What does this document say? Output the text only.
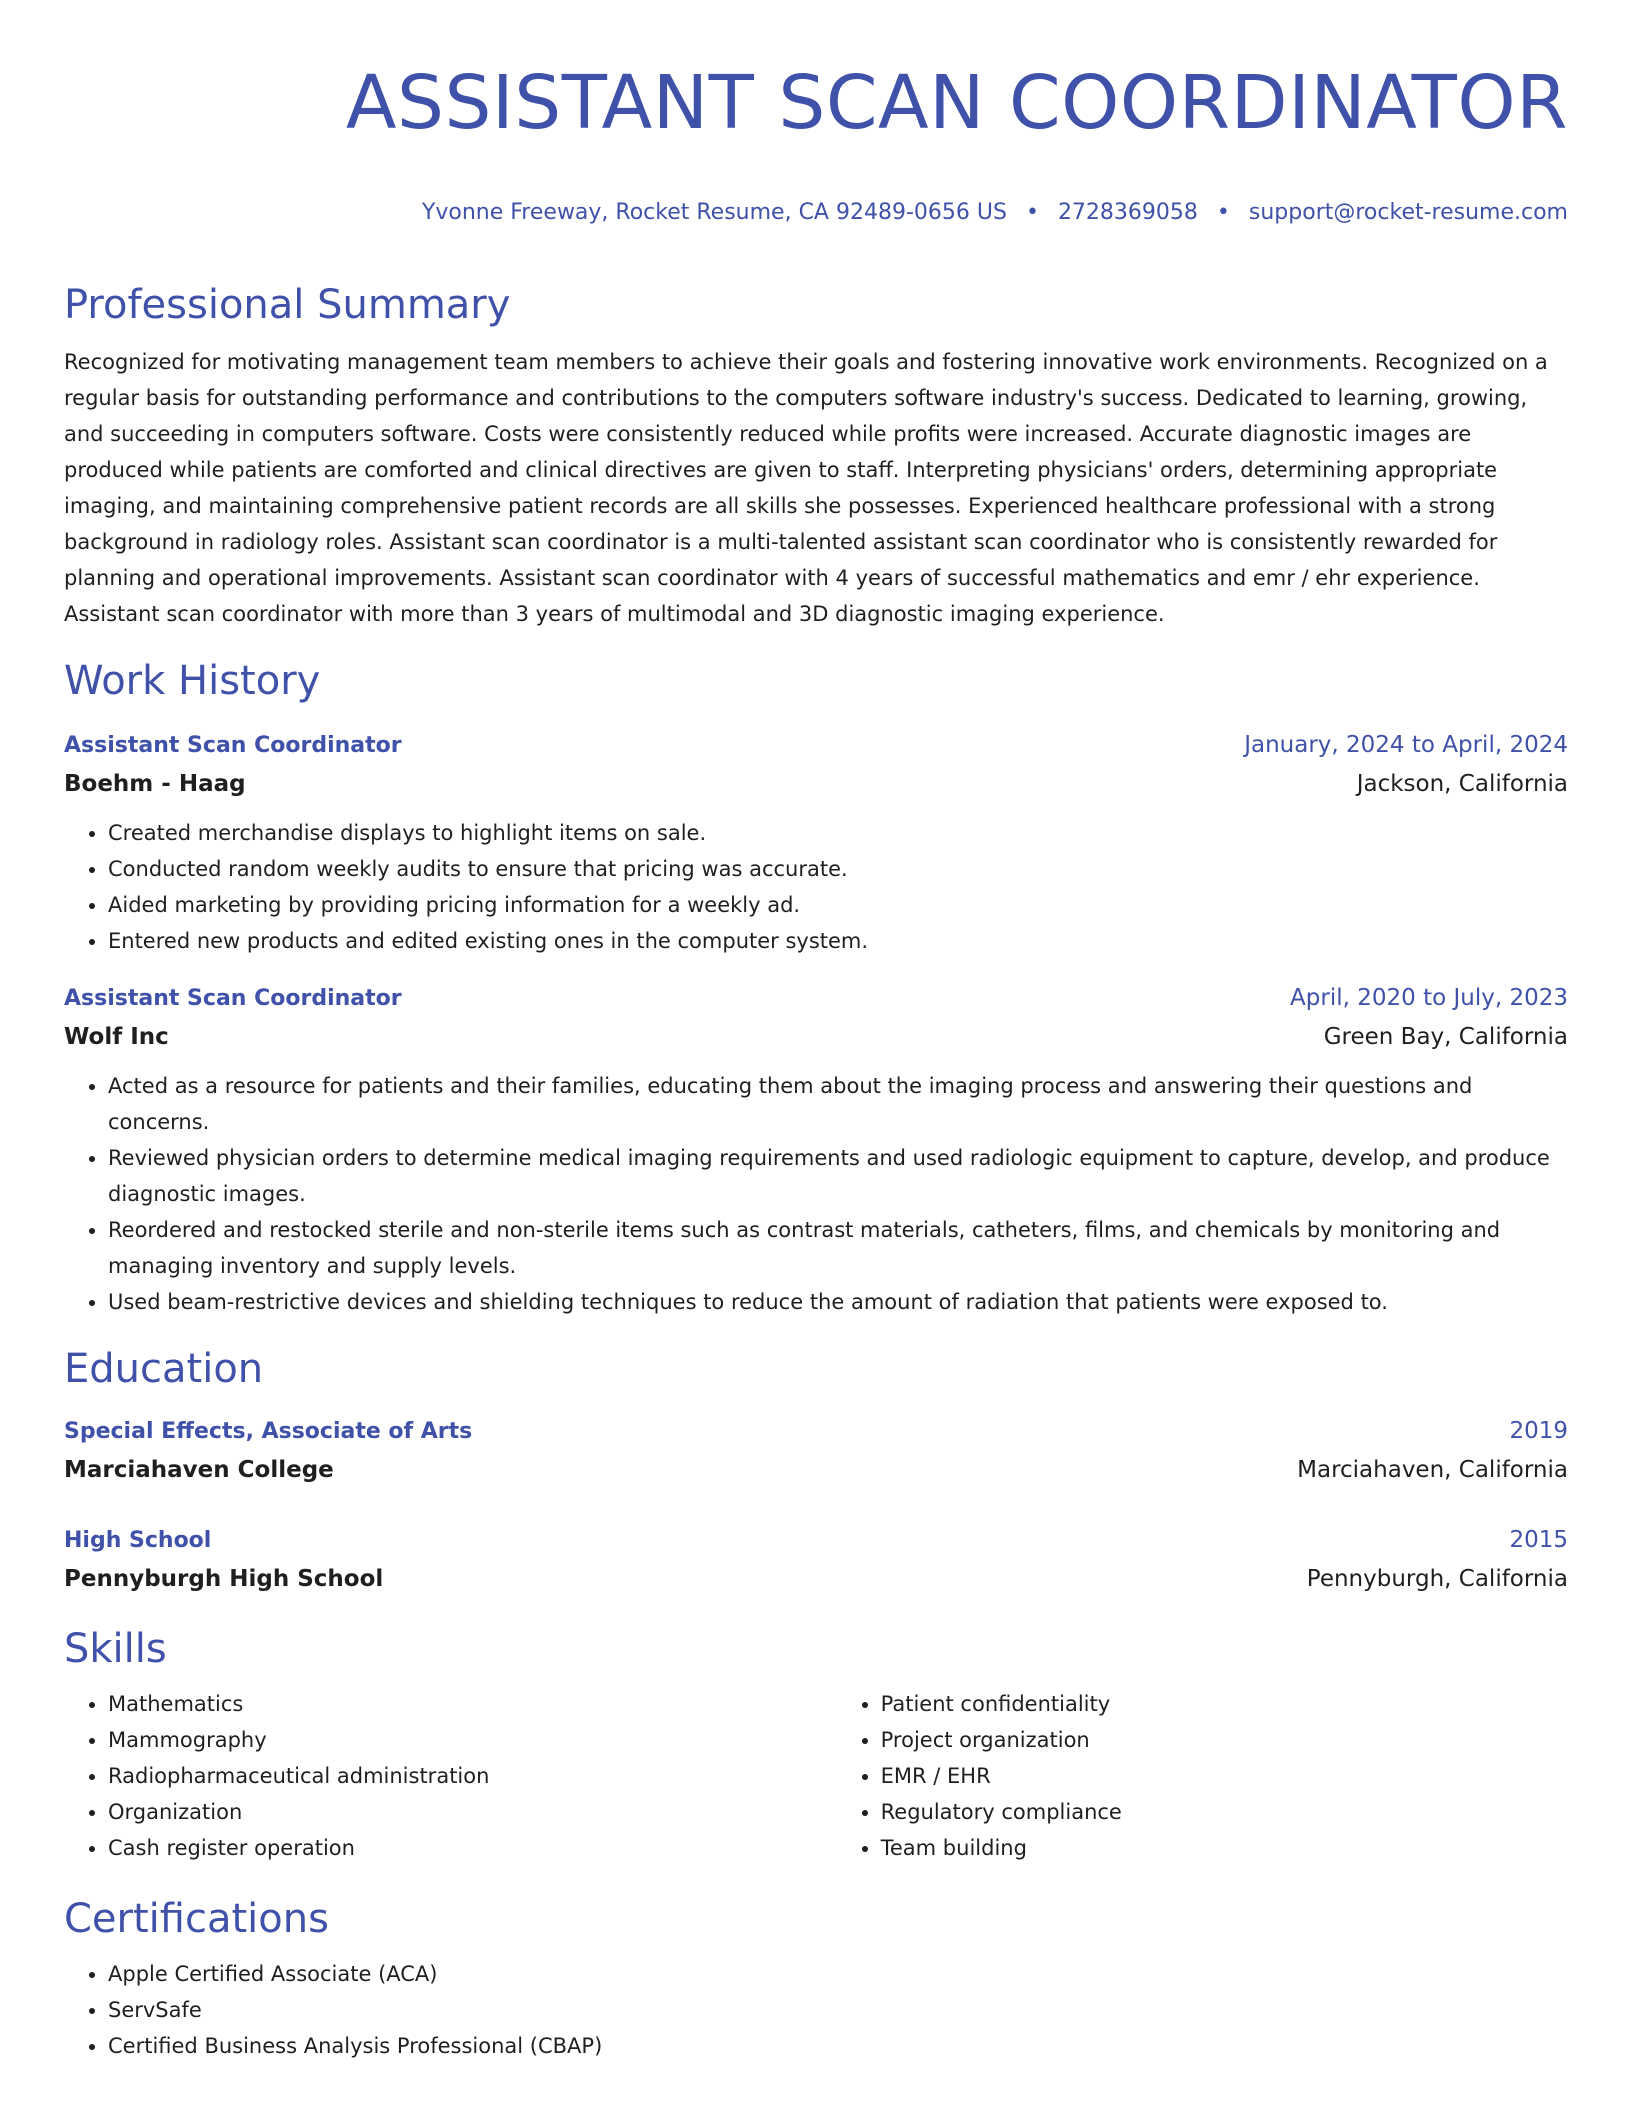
ASSISTANT SCAN COORDINATOR
Yvonne Freeway, Rocket Resume, CA 92489-0656 US • 2728369058 • support@rocket-resume.com
Professional Summary
Recognized for motivating management team members to achieve their goals and fostering innovative work environments. Recognized on a regular basis for outstanding performance and contributions to the computers software industry's success. Dedicated to learning, growing, and succeeding in computers software. Costs were consistently reduced while profits were increased. Accurate diagnostic images are produced while patients are comforted and clinical directives are given to staff. Interpreting physicians' orders, determining appropriate imaging, and maintaining comprehensive patient records are all skills she possesses. Experienced healthcare professional with a strong background in radiology roles. Assistant scan coordinator is a multi-talented assistant scan coordinator who is consistently rewarded for planning and operational improvements. Assistant scan coordinator with 4 years of successful mathematics and emr / ehr experience. Assistant scan coordinator with more than 3 years of multimodal and 3D diagnostic imaging experience.
Work History
Assistant Scan Coordinator	January, 2024 to April, 2024
Boehm - Haag	Jackson, California
• Created merchandise displays to highlight items on sale.
• Conducted random weekly audits to ensure that pricing was accurate.
• Aided marketing by providing pricing information for a weekly ad.
• Entered new products and edited existing ones in the computer system.
Assistant Scan Coordinator	April, 2020 to July, 2023
Wolf Inc	Green Bay, California
• Acted as a resource for patients and their families, educating them about the imaging process and answering their questions and concerns.
• Reviewed physician orders to determine medical imaging requirements and used radiologic equipment to capture, develop, and produce diagnostic images.
• Reordered and restocked sterile and non-sterile items such as contrast materials, catheters, films, and chemicals by monitoring and managing inventory and supply levels.
• Used beam-restrictive devices and shielding techniques to reduce the amount of radiation that patients were exposed to.
Education
Special Effects, Associate of Arts	2019
Marciahaven College	Marciahaven, California
High School	2015
Pennyburgh High School	Pennyburgh, California
Skills
• Mathematics
• Mammography
• Radiopharmaceutical administration
• Organization
• Cash register operation
• Patient confidentiality
• Project organization
• EMR / EHR
• Regulatory compliance
• Team building
Certifications
• Apple Certified Associate (ACA)
• ServSafe
• Certified Business Analysis Professional (CBAP)
